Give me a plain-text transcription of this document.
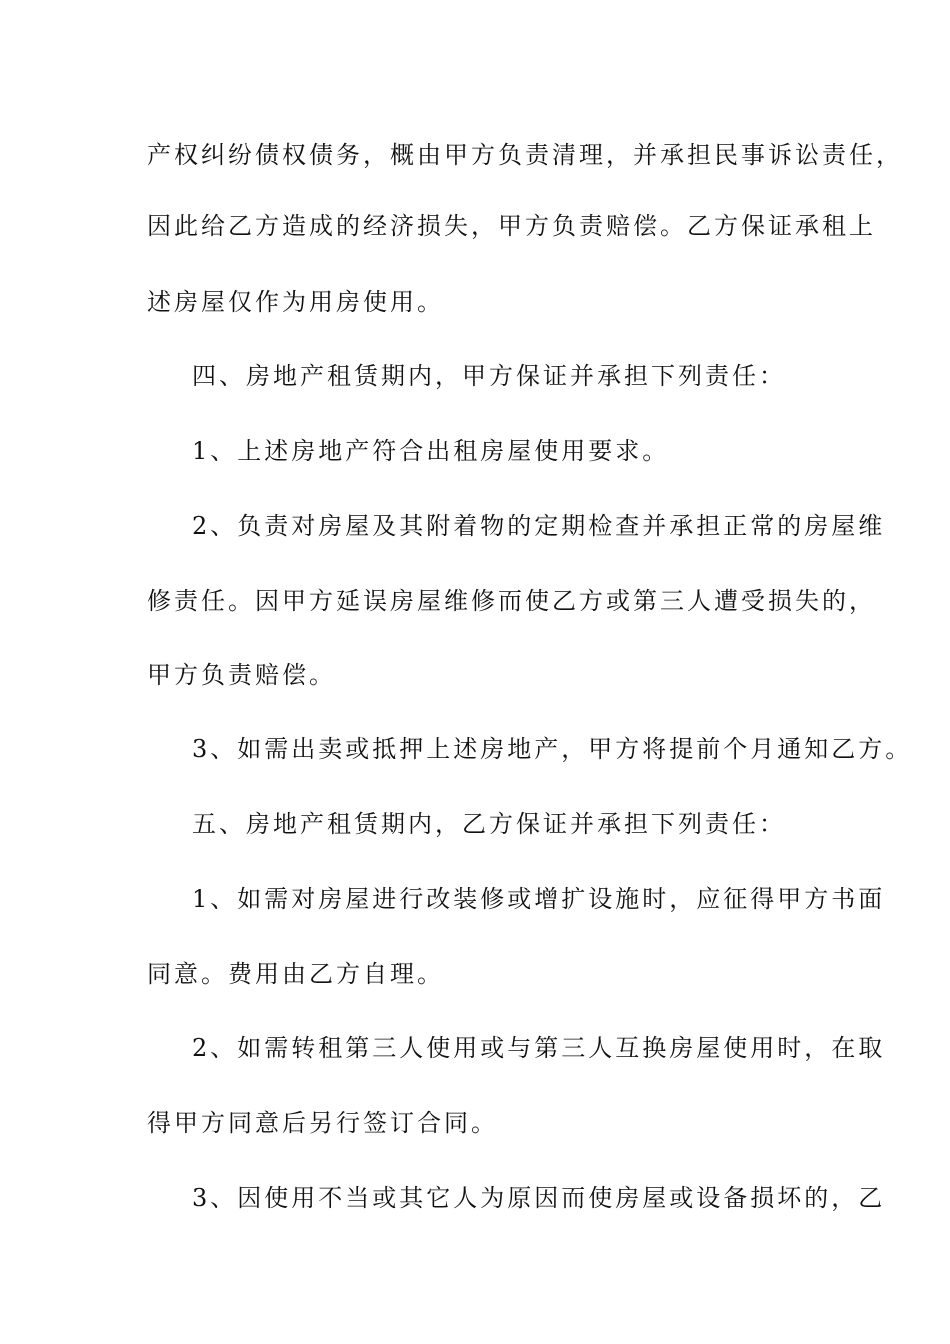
产权纠纷债权债务，概由甲方负责清理，并承担民事诉讼责任，
因此给乙方造成的经济损失，甲方负责赔偿。乙方保证承租上
述房屋仅作为用房使用。
四、房地产租赁期内，甲方保证并承担下列责任：
1、上述房地产符合出租房屋使用要求。
2、负责对房屋及其附着物的定期检查并承担正常的房屋维
修责任。因甲方延误房屋维修而使乙方或第三人遭受损失的，
甲方负责赔偿。
3、如需出卖或抵押上述房地产，甲方将提前个月通知乙方。
五、房地产租赁期内，乙方保证并承担下列责任：
1、如需对房屋进行改装修或增扩设施时，应征得甲方书面
同意。费用由乙方自理。
2、如需转租第三人使用或与第三人互换房屋使用时，在取
得甲方同意后另行签订合同。
3、因使用不当或其它人为原因而使房屋或设备损坏的，乙
